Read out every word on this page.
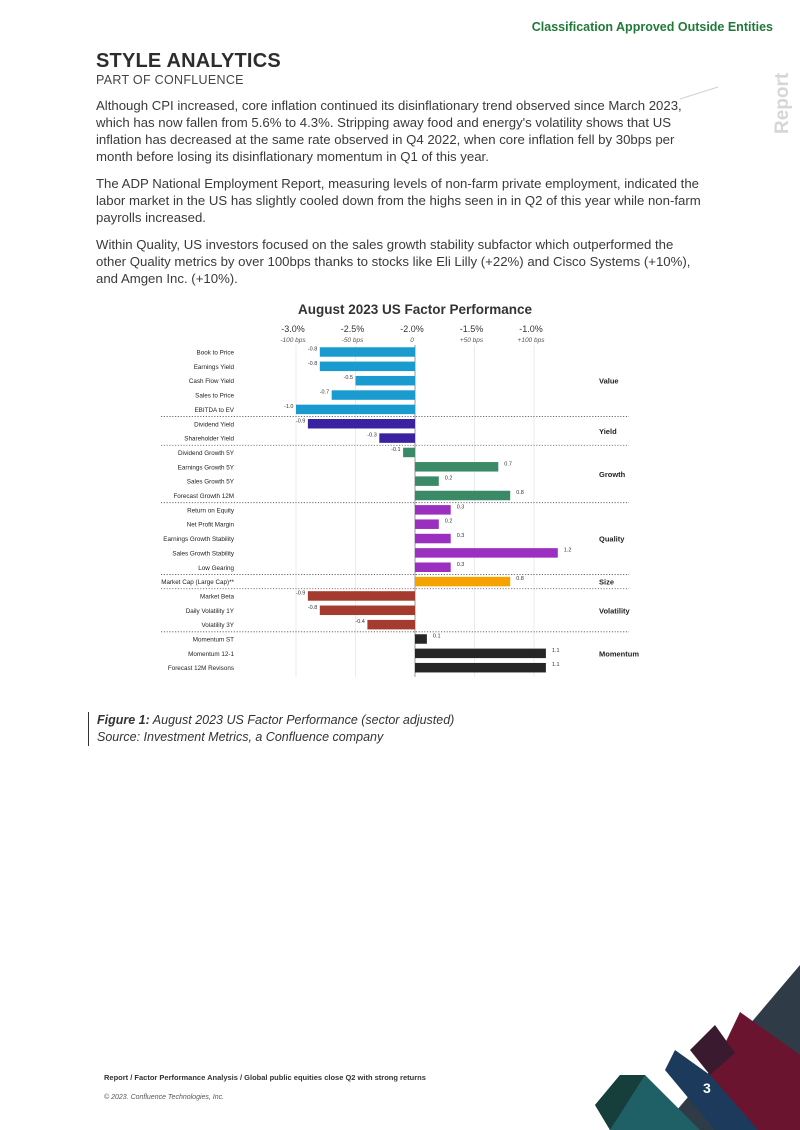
Classification Approved Outside Entities
Report
STYLE ANALYTICS
PART OF CONFLUENCE

Although CPI increased, core inflation continued its disinflationary trend observed since March 2023, which has now fallen from 5.6% to 4.3%. Stripping away food and energy's volatility shows that US inflation has decreased at the same rate observed in Q4 2022, when core inflation fell by 30bps per month before losing its disinflationary momentum in Q1 of this year.

The ADP National Employment Report, measuring levels of non-farm private employment, indicated the labor market in the US has slightly cooled down from the highs seen in in Q2 of this year while non-farm payrolls increased.

Within Quality, US investors focused on the sales growth stability subfactor which outperformed the other Quality metrics by over 100bps thanks to stocks like Eli Lilly (+22%) and Cisco Systems (+10%), and Amgen Inc. (+10%).

August 2023 US Factor Performance
-3.0%
-100 bps
-2.5%
-50 bps
-2.0%
0
-1.5%
+50 bps
-1.0%
+100 bps
Book to Price	-0.8
Earnings Yield	-0.8
Cash Flow Yield	-0.5
Sales to Price	-0.7
EBITDA to EV	-1.0
Value
Dividend Yield	-0.9
Shareholder Yield	-0.3	Yield
Dividend Growth 5Y	-0.1
Earnings Growth 5Y	0.7
Sales Growth 5Y	0.2
Forecast Growth 12M	0.8
Growth
Return on Equity	0.3
Net Profit Margin	0.2
Earnings Growth Stability	0.3
Sales Growth Stability	1.2
Low Gearing	0.3
Quality
Market Cap (Large Cap)**	0.8	Size
Market Beta	-0.9
Daily Volatility 1Y	-0.8
Volatility 3Y	-0.4
Volatility
Momentum ST	0.1
Momentum 12-1	1.1
Forecast 12M Revisons	1.1
Momentum
Figure 1: August 2023 US Factor Performance (sector adjusted)
Source: Investment Metrics, a Confluence company
Report / Factor Performance Analysis / Global public equities close Q2 with strong returns
© 2023. Confluence Technologies, Inc.
3
